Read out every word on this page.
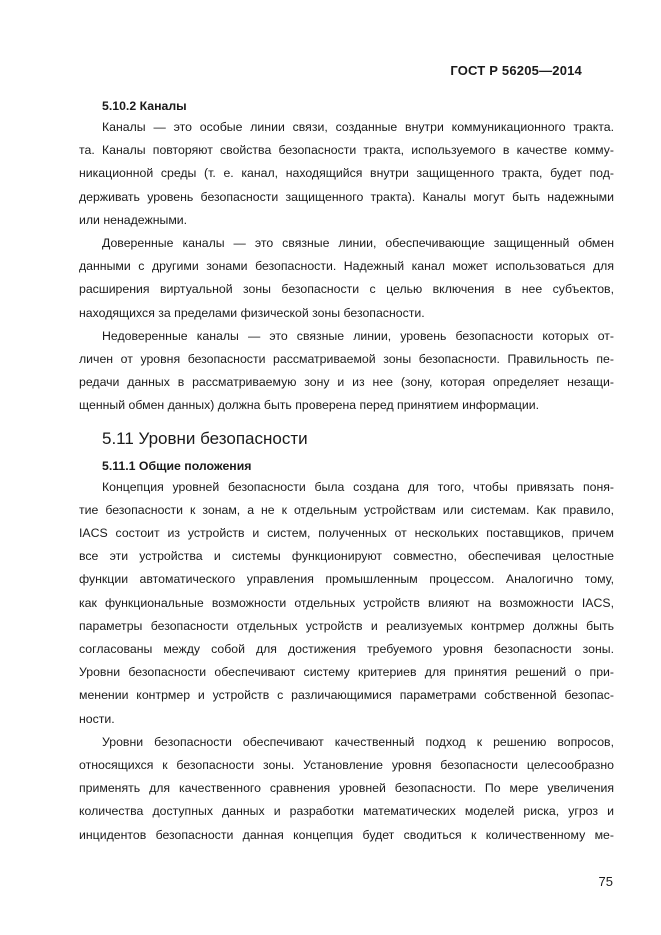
ГОСТ Р 56205—2014
5.10.2 Каналы
Каналы — это особые линии связи, созданные внутри коммуникационного тракта.
та. Каналы повторяют свойства безопасности тракта, используемого в качестве комму-
никационной среды (т. е. канал, находящийся внутри защищенного тракта, будет под-
держивать уровень безопасности защищенного тракта). Каналы могут быть надежными
или ненадежными.
Доверенные каналы — это связные линии, обеспечивающие защищенный обмен
данными с другими зонами безопасности. Надежный канал может использоваться для
расширения виртуальной зоны безопасности с целью включения в нее субъектов,
находящихся за пределами физической зоны безопасности.
Недоверенные каналы — это связные линии, уровень безопасности которых от-
личен от уровня безопасности рассматриваемой зоны безопасности. Правильность пе-
редачи данных в рассматриваемую зону и из нее (зону, которая определяет незащи-
щенный обмен данных) должна быть проверена перед принятием информации.
5.11 Уровни безопасности
5.11.1 Общие положения
Концепция уровней безопасности была создана для того, чтобы привязать поня-
тие безопасности к зонам, а не к отдельным устройствам или системам. Как правило,
IACS состоит из устройств и систем, полученных от нескольких поставщиков, причем
все эти устройства и системы функционируют совместно, обеспечивая целостные
функции автоматического управления промышленным процессом. Аналогично тому,
как функциональные возможности отдельных устройств влияют на возможности IACS,
параметры безопасности отдельных устройств и реализуемых контрмер должны быть
согласованы между собой для достижения требуемого уровня безопасности зоны.
Уровни безопасности обеспечивают систему критериев для принятия решений о при-
менении контрмер и устройств с различающимися параметрами собственной безопас-
ности.
Уровни безопасности обеспечивают качественный подход к решению вопросов,
относящихся к безопасности зоны. Установление уровня безопасности целесообразно
применять для качественного сравнения уровней безопасности. По мере увеличения
количества доступных данных и разработки математических моделей риска, угроз и
инцидентов безопасности данная концепция будет сводиться к количественному ме-
75
